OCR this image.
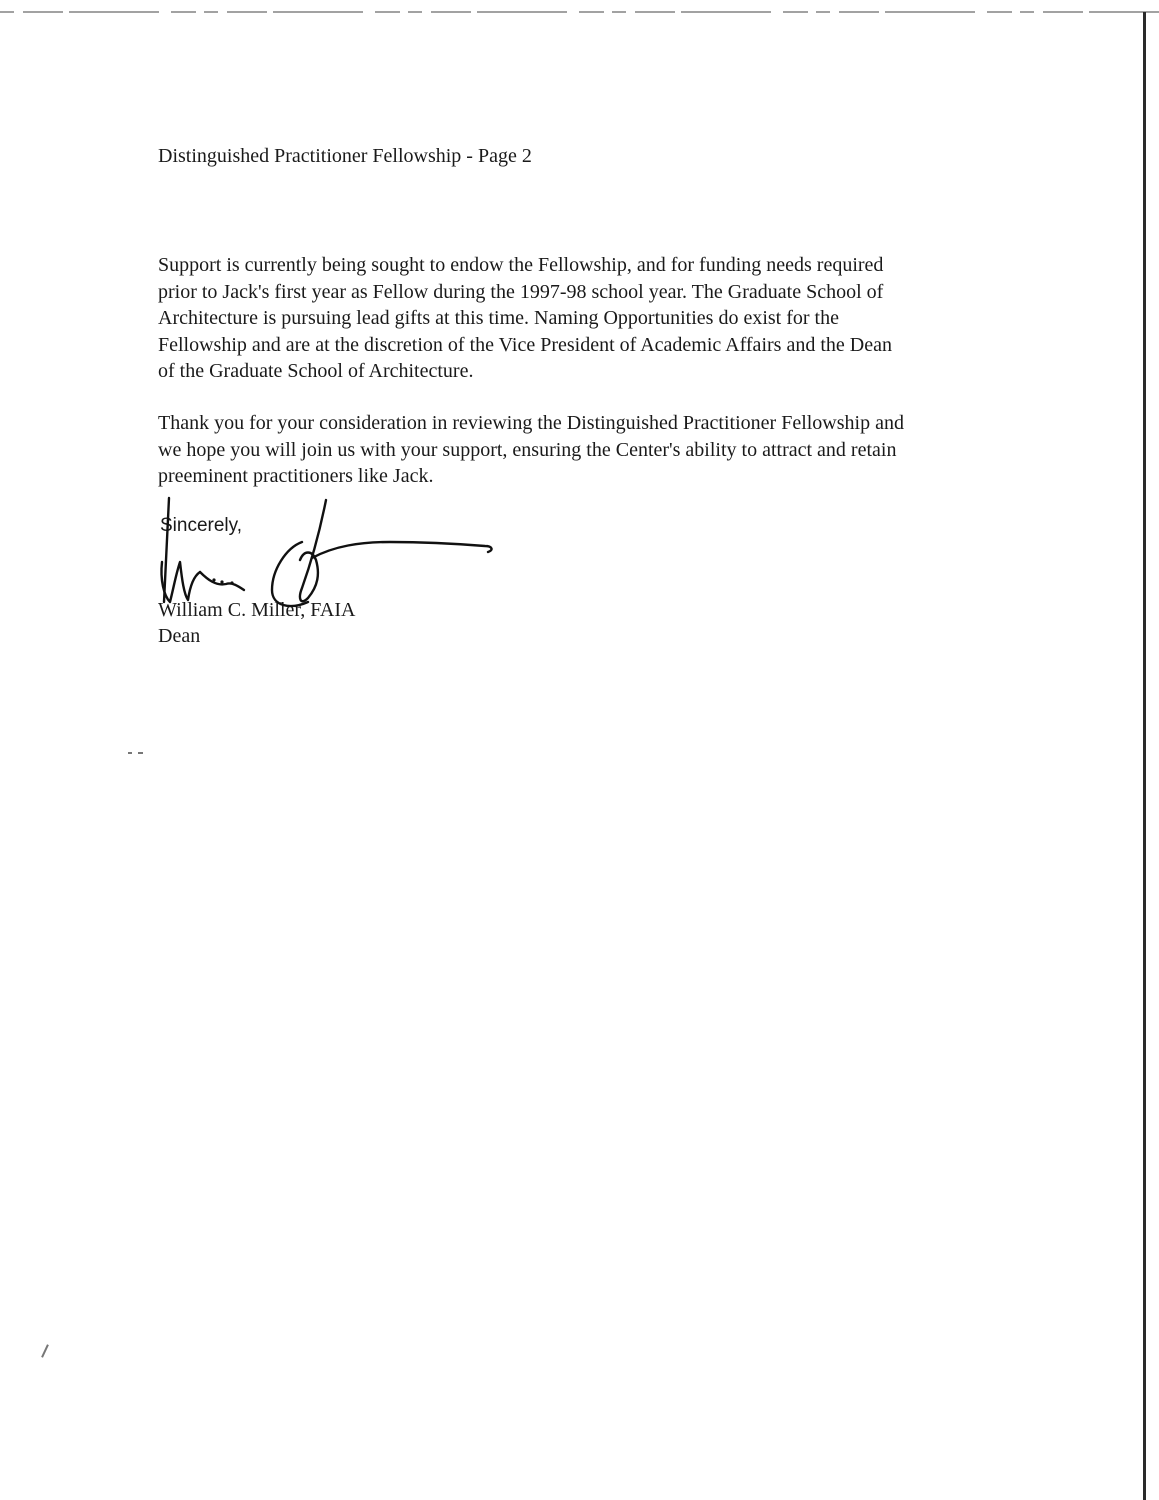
Distinguished Practitioner Fellowship - Page 2

Support is currently being sought to endow the Fellowship, and for funding needs required
prior to Jack's first year as Fellow during the 1997-98 school year. The Graduate School of
Architecture is pursuing lead gifts at this time. Naming Opportunities do exist for the
Fellowship and are at the discretion of the Vice President of Academic Affairs and the Dean
of the Graduate School of Architecture.

Thank you for your consideration in reviewing the Distinguished Practitioner Fellowship and
we hope you will join us with your support, ensuring the Center's ability to attract and retain
preeminent practitioners like Jack.

Sincerely,
William C. Miller, FAIA
Dean
